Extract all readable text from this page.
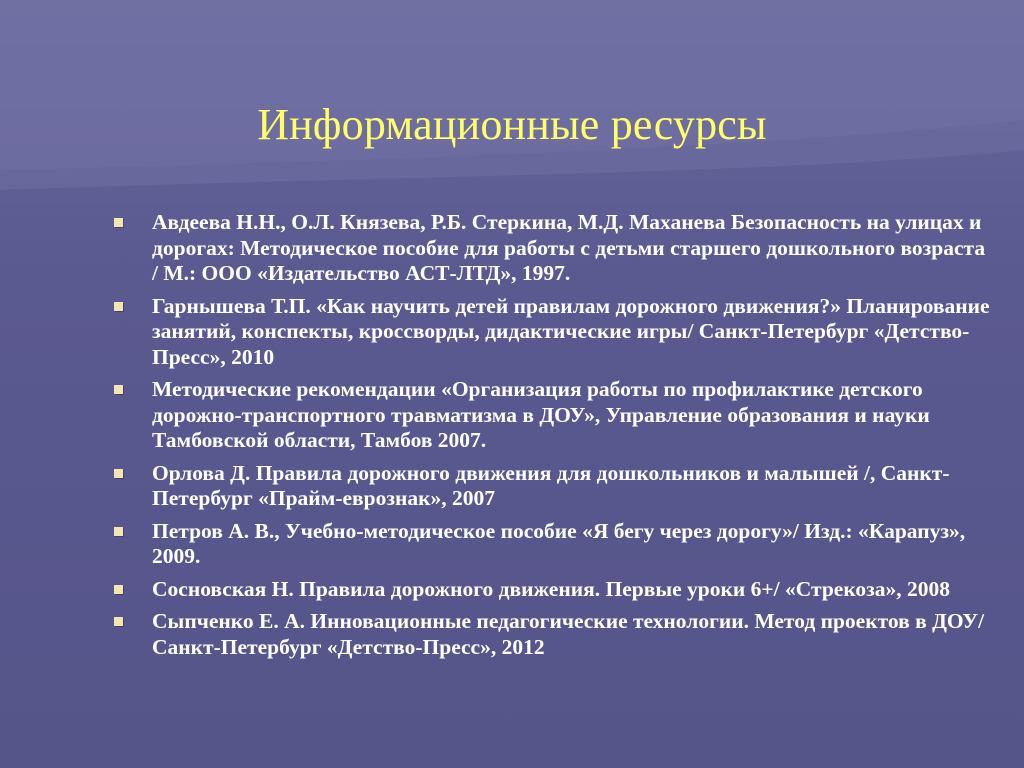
Информационные ресурсы
Авдеева Н.Н., О.Л. Князева, Р.Б. Стеркина, М.Д. Маханева Безопасность на улицах и дорогах: Методическое пособие для работы с детьми старшего дошкольного возраста / М.: ООО «Издательство АСТ-ЛТД», 1997.
Гарнышева Т.П. «Как научить детей правилам дорожного движения?» Планирование занятий, конспекты, кроссворды, дидактические игры/ Санкт-Петербург «Детство-Пресс», 2010
Методические рекомендации «Организация работы по профилактике детского дорожно-транспортного травматизма в ДОУ», Управление образования и науки Тамбовской области, Тамбов 2007.
Орлова Д. Правила дорожного движения для дошкольников и малышей /, Санкт-Петербург «Прайм-еврознак», 2007
Петров А. В., Учебно-методическое пособие «Я бегу через дорогу»/ Изд.: «Карапуз», 2009.
Сосновская Н. Правила дорожного движения. Первые уроки 6+/ «Стрекоза», 2008
Сыпченко Е. А. Инновационные педагогические технологии. Метод проектов в ДОУ/ Санкт-Петербург «Детство-Пресс», 2012
